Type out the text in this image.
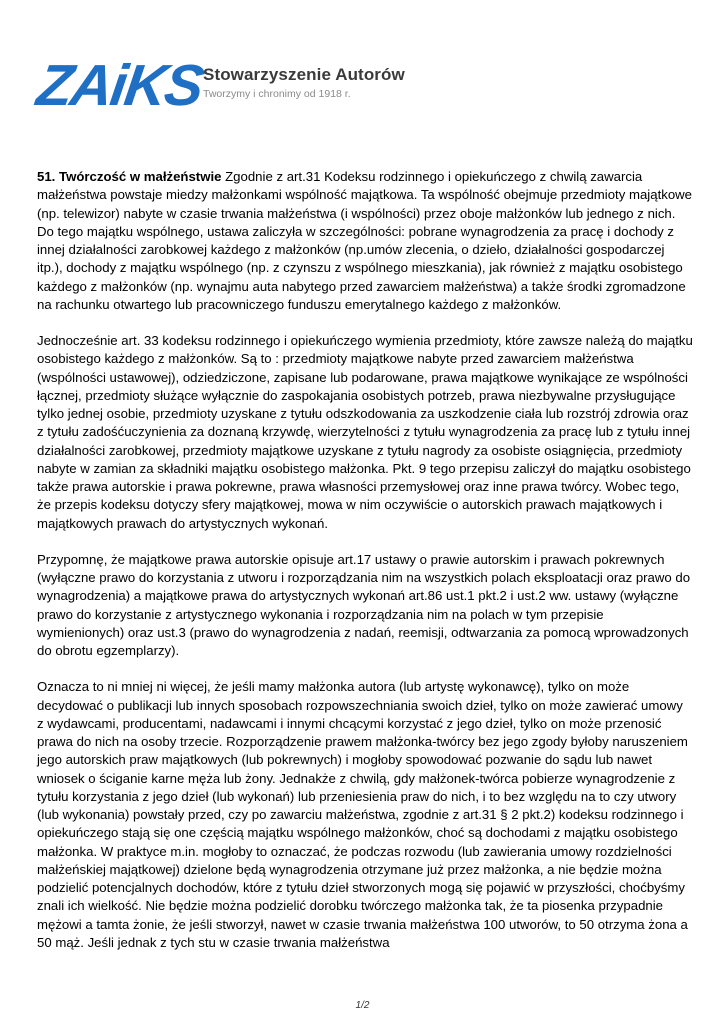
ZAiKS
Stowarzyszenie Autorów
Tworzymy i chronimy od 1918 r.

51. Twórczość w małżeństwie Zgodnie z art.31 Kodeksu rodzinnego i opiekuńczego z chwilą zawarcia małżeństwa powstaje miedzy małżonkami wspólność majątkowa. Ta wspólność obejmuje przedmioty majątkowe (np. telewizor) nabyte w czasie trwania małżeństwa (i wspólności) przez oboje małżonków lub jednego z nich. Do tego majątku wspólnego, ustawa zaliczyła w szczególności: pobrane wynagrodzenia za pracę i dochody z innej działalności zarobkowej każdego z małżonków (np.umów zlecenia, o dzieło, działalności gospodarczej itp.), dochody z majątku wspólnego (np. z czynszu z wspólnego mieszkania), jak również z majątku osobistego każdego z małżonków (np. wynajmu auta nabytego przed zawarciem małżeństwa) a także środki zgromadzone na rachunku otwartego lub pracowniczego funduszu emerytalnego każdego z małżonków.

Jednocześnie art. 33 kodeksu rodzinnego i opiekuńczego wymienia przedmioty, które zawsze należą do majątku osobistego każdego z małżonków. Są to : przedmioty majątkowe nabyte przed zawarciem małżeństwa (wspólności ustawowej), odziedziczone, zapisane lub podarowane, prawa majątkowe wynikające ze wspólności łącznej, przedmioty służące wyłącznie do zaspokajania osobistych potrzeb, prawa niezbywalne przysługujące tylko jednej osobie, przedmioty uzyskane z tytułu odszkodowania za uszkodzenie ciała lub rozstrój zdrowia oraz z tytułu zadośćuczynienia za doznaną krzywdę, wierzytelności z tytułu wynagrodzenia za pracę lub z tytułu innej działalności zarobkowej, przedmioty majątkowe uzyskane z tytułu nagrody za osobiste osiągnięcia, przedmioty nabyte w zamian za składniki majątku osobistego małżonka. Pkt. 9 tego przepisu zaliczył do majątku osobistego także prawa autorskie i prawa pokrewne, prawa własności przemysłowej oraz inne prawa twórcy. Wobec tego, że przepis kodeksu dotyczy sfery majątkowej, mowa w nim oczywiście o autorskich prawach majątkowych i majątkowych prawach do artystycznych wykonań.

Przypomnę, że majątkowe prawa autorskie opisuje art.17 ustawy o prawie autorskim i prawach pokrewnych (wyłączne prawo do korzystania z utworu i rozporządzania nim na wszystkich polach eksploatacji oraz prawo do wynagrodzenia) a majątkowe prawa do artystycznych wykonań art.86 ust.1 pkt.2 i ust.2 ww. ustawy (wyłączne prawo do korzystanie z artystycznego wykonania i rozporządzania nim na polach w tym przepisie wymienionych) oraz ust.3 (prawo do wynagrodzenia z nadań, reemisji, odtwarzania za pomocą wprowadzonych do obrotu egzemplarzy).

Oznacza to ni mniej ni więcej, że jeśli mamy małżonka autora (lub artystę wykonawcę), tylko on może decydować o publikacji lub innych sposobach rozpowszechniania swoich dzieł, tylko on może zawierać umowy z wydawcami, producentami, nadawcami i innymi chcącymi korzystać z jego dzieł, tylko on może przenosić prawa do nich na osoby trzecie. Rozporządzenie prawem małżonka-twórcy bez jego zgody byłoby naruszeniem jego autorskich praw majątkowych (lub pokrewnych) i mogłoby spowodować pozwanie do sądu lub nawet wniosek o ściganie karne męża lub żony. Jednakże z chwilą, gdy małżonek-twórca pobierze wynagrodzenie z tytułu korzystania z jego dzieł (lub wykonań) lub przeniesienia praw do nich, i to bez względu na to czy utwory (lub wykonania) powstały przed, czy po zawarciu małżeństwa, zgodnie z art.31 § 2 pkt.2) kodeksu rodzinnego i opiekuńczego stają się one częścią majątku wspólnego małżonków, choć są dochodami z majątku osobistego małżonka. W praktyce m.in. mogłoby to oznaczać, że podczas rozwodu (lub zawierania umowy rozdzielności małżeńskiej majątkowej) dzielone będą wynagrodzenia otrzymane już przez małżonka, a nie będzie można podzielić potencjalnych dochodów, które z tytułu dzieł stworzonych mogą się pojawić w przyszłości, choćbyśmy znali ich wielkość. Nie będzie można podzielić dorobku twórczego małżonka tak, że ta piosenka przypadnie mężowi a tamta żonie, że jeśli stworzył, nawet w czasie trwania małżeństwa 100 utworów, to 50 otrzyma żona a 50 mąż. Jeśli jednak z tych stu w czasie trwania małżeństwa

1/2
